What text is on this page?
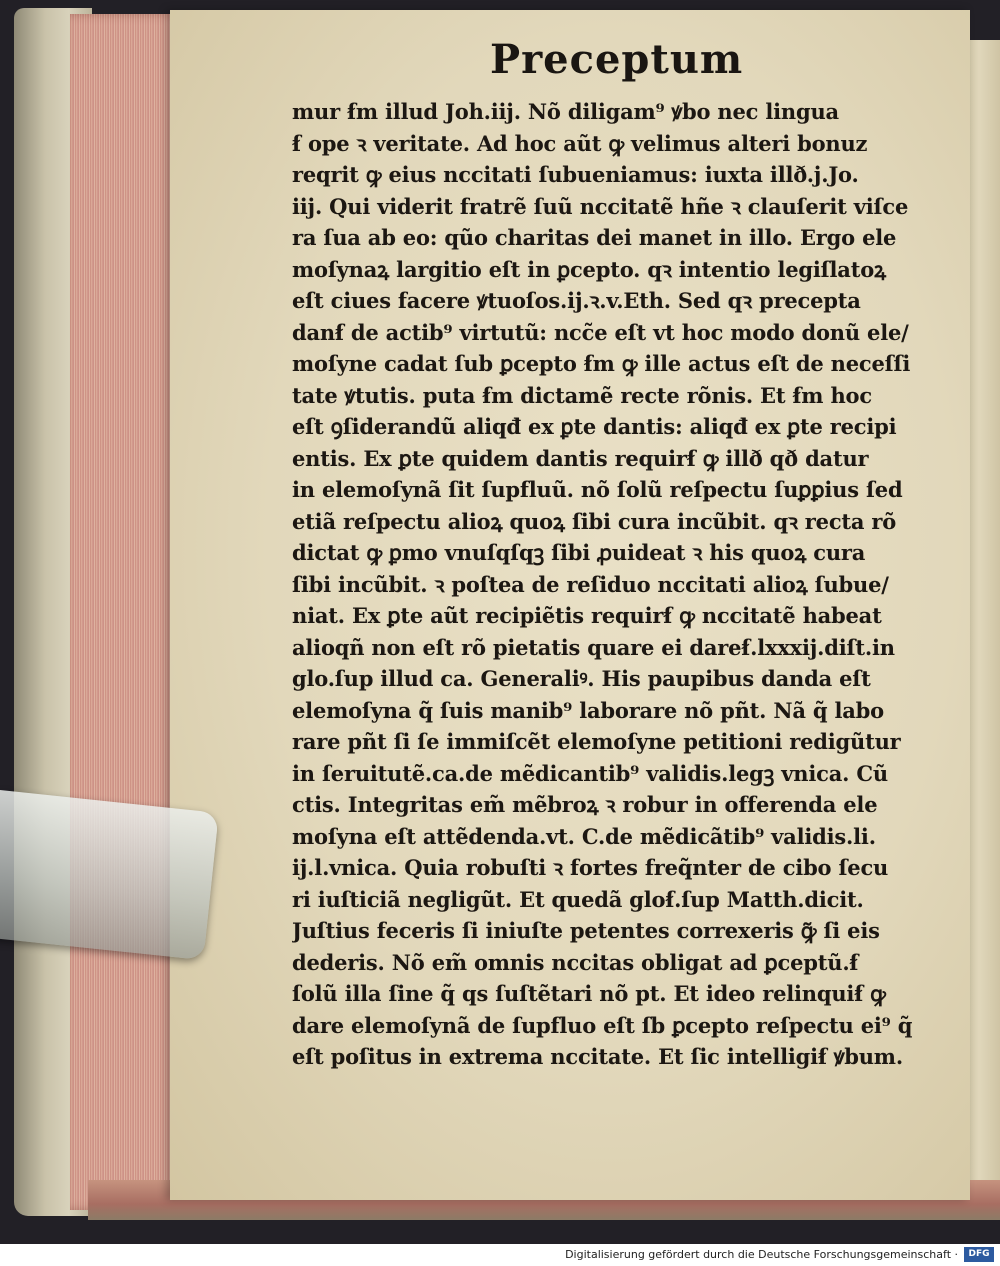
Preceptum
mur ẜm illud Joh.iij. Nõ diligam⁹ ꝟbo nec lingua
ẜ ope ꝛ veritate. Ad hoc aũt ꝙ velimus alteri bonuz
reqrit ꝙ eius nccitati ſubueniamus: iuxta illð.j.Jo.
iij. Qui viderit fratrẽ ſuũ nccitatẽ hñe ꝛ clauſerit viſce
ra ſua ab eo: qũo charitas dei manet in illo. Ergo ele
moſynaꝝ largitio eſt in ꝑcepto. qꝛ intentio legiſlatoꝝ
eſt ciues facere ꝟtuoſos.ij.ꝛ.v.Eth. Sed qꝛ precepta
danẜ de actib⁹ virtutũ: ncc̃e eſt vt hoc modo donũ ele/
moſyne cadat ſub ꝑcepto ẜm ꝙ ille actus eſt de neceſſi
tate ꝟtutis. puta ẜm dictamẽ recte rõnis. Et ẜm hoc
eſt ꝯſiderandũ aliqđ ex ꝑte dantis: aliqđ ex ꝑte recipi
entis. Ex ꝑte quidem dantis requirẜ ꝙ illð qð datur
in elemoſynã ſit ſupfluũ. nõ ſolũ reſpectu ſuꝑꝑius ſed
etiã reſpectu alioꝝ quoꝝ ſibi cura incũbit. qꝛ recta rõ
dictat ꝙ ꝑmo vnuſqſqꝫ ſibi ꝓuideat ꝛ his quoꝝ cura
ſibi incũbit. ꝛ poſtea de reſiduo nccitati alioꝝ ſubue/
niat. Ex ꝑte aũt recipiẽtis requirẜ ꝙ nccitatẽ habeat
alioqñ non eſt rõ pietatis quare ei dareẜ.lxxxij.diſt.in
glo.ſup illud ca. Generaliꝰ. His paupibus danda eſt
elemoſyna q̃ ſuis manib⁹ laborare nõ pñt. Nã q̃ labo
rare pñt ſi ſe immiſcẽt elemoſyne petitioni redigũtur
in ſeruitutẽ.ca.de mẽdicantib⁹ validis.legꝫ vnica. Cũ
ctis. Integritas em̃ mẽbroꝝ ꝛ robur in offerenda ele
moſyna eſt attẽdenda.vt. C.de mẽdicãtib⁹ validis.li.
ij.l.vnica. Quia robuſti ꝛ fortes freq̃nter de cibo ſecu
ri iuſticiã negligũt. Et quedã gloẜ.ſup Matth.dicit.
Juſtius feceris ſi iniuſte petentes correxeris ꝙ̃ ſi eis
dederis. Nõ em̃ omnis nccitas obligat ad ꝑceptũ.ẜ
ſolũ illa ſine q̃ qs ſuſtẽtari nõ pt. Et ideo relinquiẜ ꝙ
dare elemoſynã de ſupfluo eſt ſb ꝑcepto reſpectu ei⁹ q̃
eſt poſitus in extrema nccitate. Et ſic intelligiẜ ꝟbum.
Digitalisierung gefördert durch die Deutsche Forschungsgemeinschaft ·	DFG
